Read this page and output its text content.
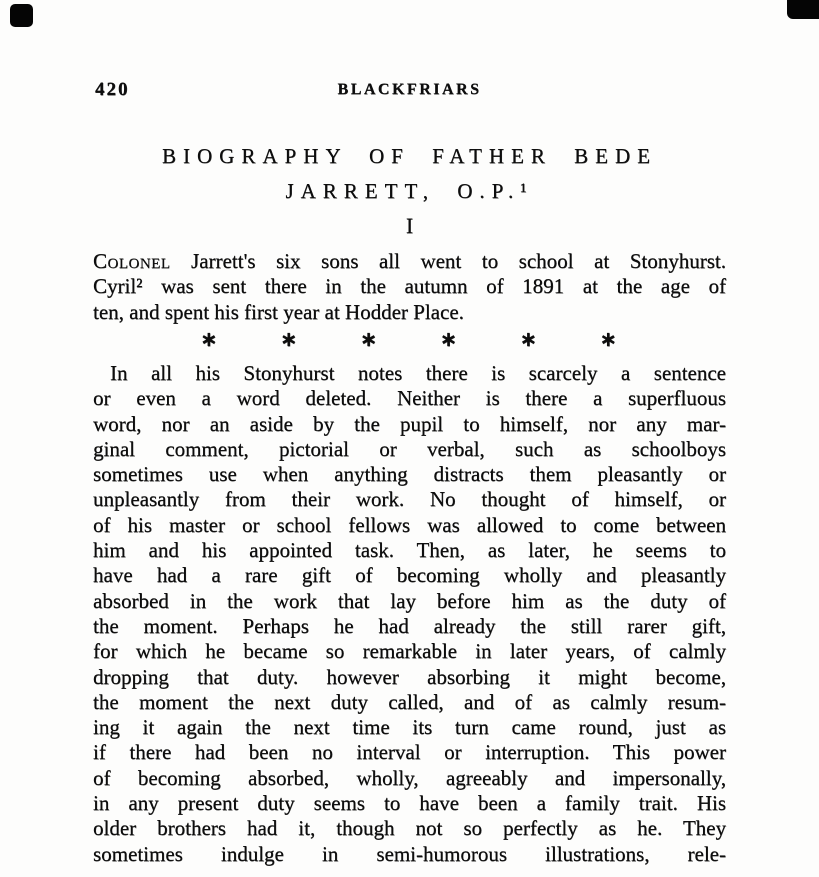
420	BLACKFRIARS
BIOGRAPHY OF FATHER BEDE
JARRETT, O.P.¹
I
Colonel Jarrett's six sons all went to school at Stonyhurst.
Cyril² was sent there in the autumn of 1891 at the age of
ten, and spent his first year at Hodder Place.
∗	∗	∗	∗	∗	∗
In all his Stonyhurst notes there is scarcely a sentence
or even a word deleted. Neither is there a superfluous
word, nor an aside by the pupil to himself, nor any mar-
ginal comment, pictorial or verbal, such as schoolboys
sometimes use when anything distracts them pleasantly or
unpleasantly from their work. No thought of himself, or
of his master or school fellows was allowed to come between
him and his appointed task. Then, as later, he seems to
have had a rare gift of becoming wholly and pleasantly
absorbed in the work that lay before him as the duty of
the moment. Perhaps he had already the still rarer gift,
for which he became so remarkable in later years, of calmly
dropping that duty. however absorbing it might become,
the moment the next duty called, and of as calmly resum-
ing it again the next time its turn came round, just as
if there had been no interval or interruption. This power
of becoming absorbed, wholly, agreeably and impersonally,
in any present duty seems to have been a family trait. His
older brothers had it, though not so perfectly as he. They
sometimes indulge in semi-humorous illustrations, rele-
